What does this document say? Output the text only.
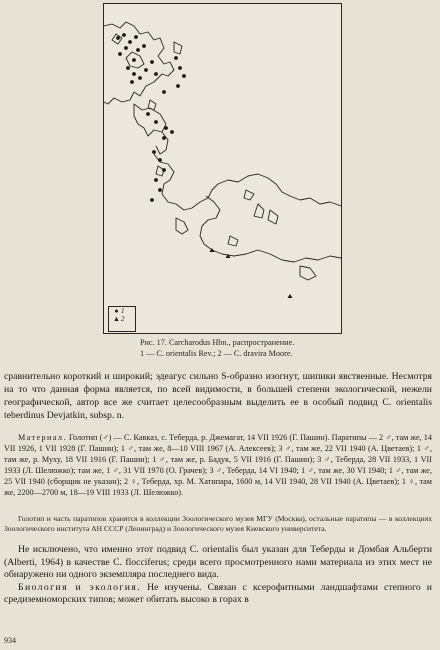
● 1
▲ 2
Рис. 17. Carcharodus Hbn., распространение.
1 — C. orientalis Rev.; 2 — C. dravira Moore.

сравнительно короткий и широкий; эдеагус сильно S-образно изогнут, шипики явственные. Несмотря на то что данная форма является, по всей видимости, в большей степени экологической, нежели географической, автор все же считает целесообразным выделить ее в особый подвид C. orientalis teberdinus Devjatkin, subsp. n.

Материал. Голотип (♂) — С. Кавказ, с. Теберда, р. Джемагат, 14 VII 1926 (Г. Пашин). Паратипы — 2 ♂, там же, 14 VII 1926, 1 VII 1928 (Г. Пашин); 1 ♂, там же, 8—10 VIII 1967 (А. Алексеев); 3 ♂, там же, 22 VII 1940 (А. Цветаев); 1 ♂, там же, р. Муху, 18 VII 1916 (Г. Пашин); 1 ♂, там же, р. Бадук, 5 VII 1916 (Г. Пашин); 3 ♂, Теберда, 28 VII 1933, 1 VII 1933 (Л. Шелюжко); там же, 1 ♂, 31 VII 1970 (О. Грачев); 3 ♂, Теберда, 14 VI 1940; 1 ♂, там же, 30 VI 1940; 1 ♂, там же, 25 VII 1940 (сборщик не указан); 2 ♀, Теберда, хр. М. Хатипара, 1600 м, 14 VII 1940, 28 VII 1940 (А. Цветаев); 1 ♀, там же, 2200—2700 м, 18—19 VIII 1933 (Л. Шелюжко).

Голотип и часть паратипов хранятся в коллекции Зоологического музея МГУ (Москва), остальные паратипы — в коллекциях Зоологического института АН СССР (Ленинград) и Зоологического музея Киевского университета.

Не исключено, что именно этот подвид C. orientalis был указан для Теберды и Домбая Альберти (Alberti, 1964) в качестве C. flocciferus; среди всего просмотренного нами материала из этих мест не обнаружено ни одного экземпляра последнего вида.

Биология и экология. Не изучены. Связан с ксерофитными ландшафтами степного и средиземноморских типов; может обитать высоко в горах в

934
